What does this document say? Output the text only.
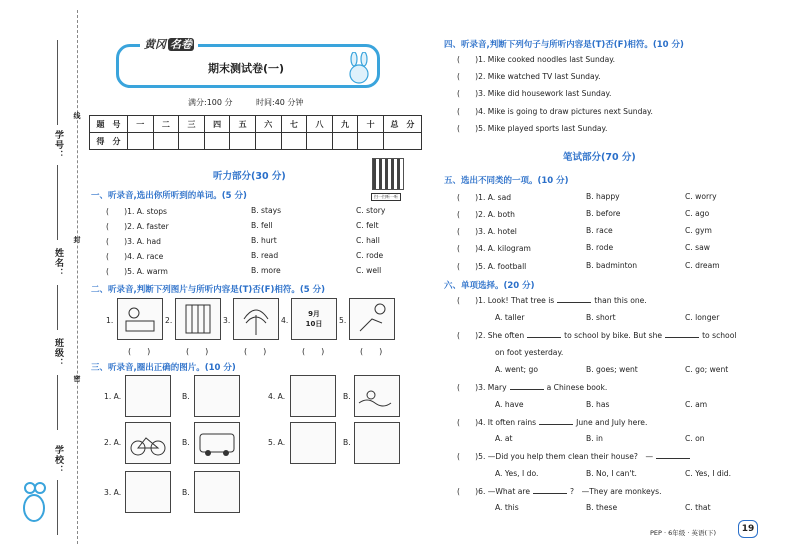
学号：
线
姓名：
封
班级：
密
学校：
黄冈 名卷
期末测试卷(一)
满分:100 分	时间:40 分钟
题　号	一	二	三	四	五	六	七	八	九	十	总　分
得　分											
扫一扫听一听
听力部分(30 分)
一、听录音,选出你所听到的单词。(5 分)
(　　)1. A. stops	B. stays	C. story
(　　)2. A. faster	B. fell	C. felt
(　　)3. A. had	B. hurt	C. hall
(　　)4. A. race	B. read	C. rode
(　　)5. A. warm	B. more	C. well
二、听录音,判断下列图片与所听内容是(T)否(F)相符。(5 分)
1.	2.	3.	4.
9月
10日 5.
(　　)	(　　)	(　　)	(　　)	(　　)
三、听录音,圈出正确的图片。(10 分)
1. A.	B.
2. A.	B.
3. A.	B.
4. A.	B.
5. A.	B.
四、听录音,判断下列句子与所听内容是(T)否(F)相符。(10 分)
(　　)1. Mike cooked noodles last Sunday.
(　　)2. Mike watched TV last Sunday.
(　　)3. Mike did housework last Sunday.
(　　)4. Mike is going to draw pictures next Sunday.
(　　)5. Mike played sports last Sunday.
笔试部分(70 分)
五、选出不同类的一项。(10 分)
(　　)1. A. sad	B. happy	C. worry
(　　)2. A. both	B. before	C. ago
(　　)3. A. hotel	B. race	C. gym
(　　)4. A. kilogram	B. rode	C. saw
(　　)5. A. football	B. badminton	C. dream
六、单项选择。(20 分)
(　　)1. Look! That tree is	than this one.
A. taller	B. short	C. longer
(　　)2. She often	to school by bike. But she	to school
on foot yesterday.
A. went; go	B. goes; went	C. go; went
(　　)3. Mary	a Chinese book.
A. have	B. has	C. am
(　　)4. It often rains	June and July here.
A. at	B. in	C. on
(　　)5. —Did you help them clean their house?　 —
A. Yes, I do.	B. No, I can't.	C. Yes, I did.
(　　)6. —What are	?　—They are monkeys.
A. this	B. these	C. that
PEP · 6年级 · 英语(下)	19
